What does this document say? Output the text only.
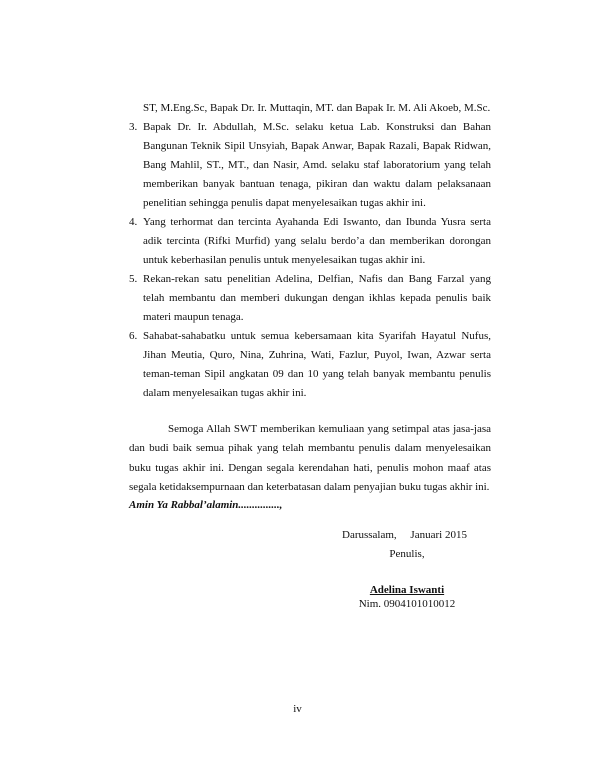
ST, M.Eng.Sc, Bapak Dr. Ir. Muttaqin, MT. dan Bapak Ir. M. Ali Akoeb, M.Sc.
3. Bapak Dr. Ir. Abdullah, M.Sc. selaku ketua Lab. Konstruksi dan Bahan Bangunan Teknik Sipil Unsyiah, Bapak Anwar, Bapak Razali, Bapak Ridwan, Bang Mahlil, ST., MT., dan Nasir, Amd. selaku staf laboratorium yang telah memberikan banyak bantuan tenaga, pikiran dan waktu dalam pelaksanaan penelitian sehingga penulis dapat menyelesaikan tugas akhir ini.
4. Yang terhormat dan tercinta Ayahanda Edi Iswanto, dan Ibunda Yusra serta adik tercinta (Rifki Murfid) yang selalu berdo’a dan memberikan dorongan untuk keberhasilan penulis untuk menyelesaikan tugas akhir ini.
5. Rekan-rekan satu penelitian Adelina, Delfian, Nafis dan Bang Farzal yang telah membantu dan memberi dukungan dengan ikhlas kepada penulis baik materi maupun tenaga.
6. Sahabat-sahabatku untuk semua kebersamaan kita Syarifah Hayatul Nufus, Jihan Meutia, Quro, Nina, Zuhrina, Wati, Fazlur, Puyol, Iwan, Azwar serta teman-teman Sipil angkatan 09 dan 10 yang telah banyak membantu penulis dalam menyelesaikan tugas akhir ini.
Semoga Allah SWT memberikan kemuliaan yang setimpal atas jasa-jasa dan budi baik semua pihak yang telah membantu penulis dalam menyelesaikan buku tugas akhir ini. Dengan segala kerendahan hati, penulis mohon maaf atas segala ketidaksempurnaan dan keterbatasan dalam penyajian buku tugas akhir ini.
Amin Ya Rabbal’alamin...............,
Darussalam,     Januari 2015
Penulis,
Adelina Iswanti
Nim. 0904101010012
iv
